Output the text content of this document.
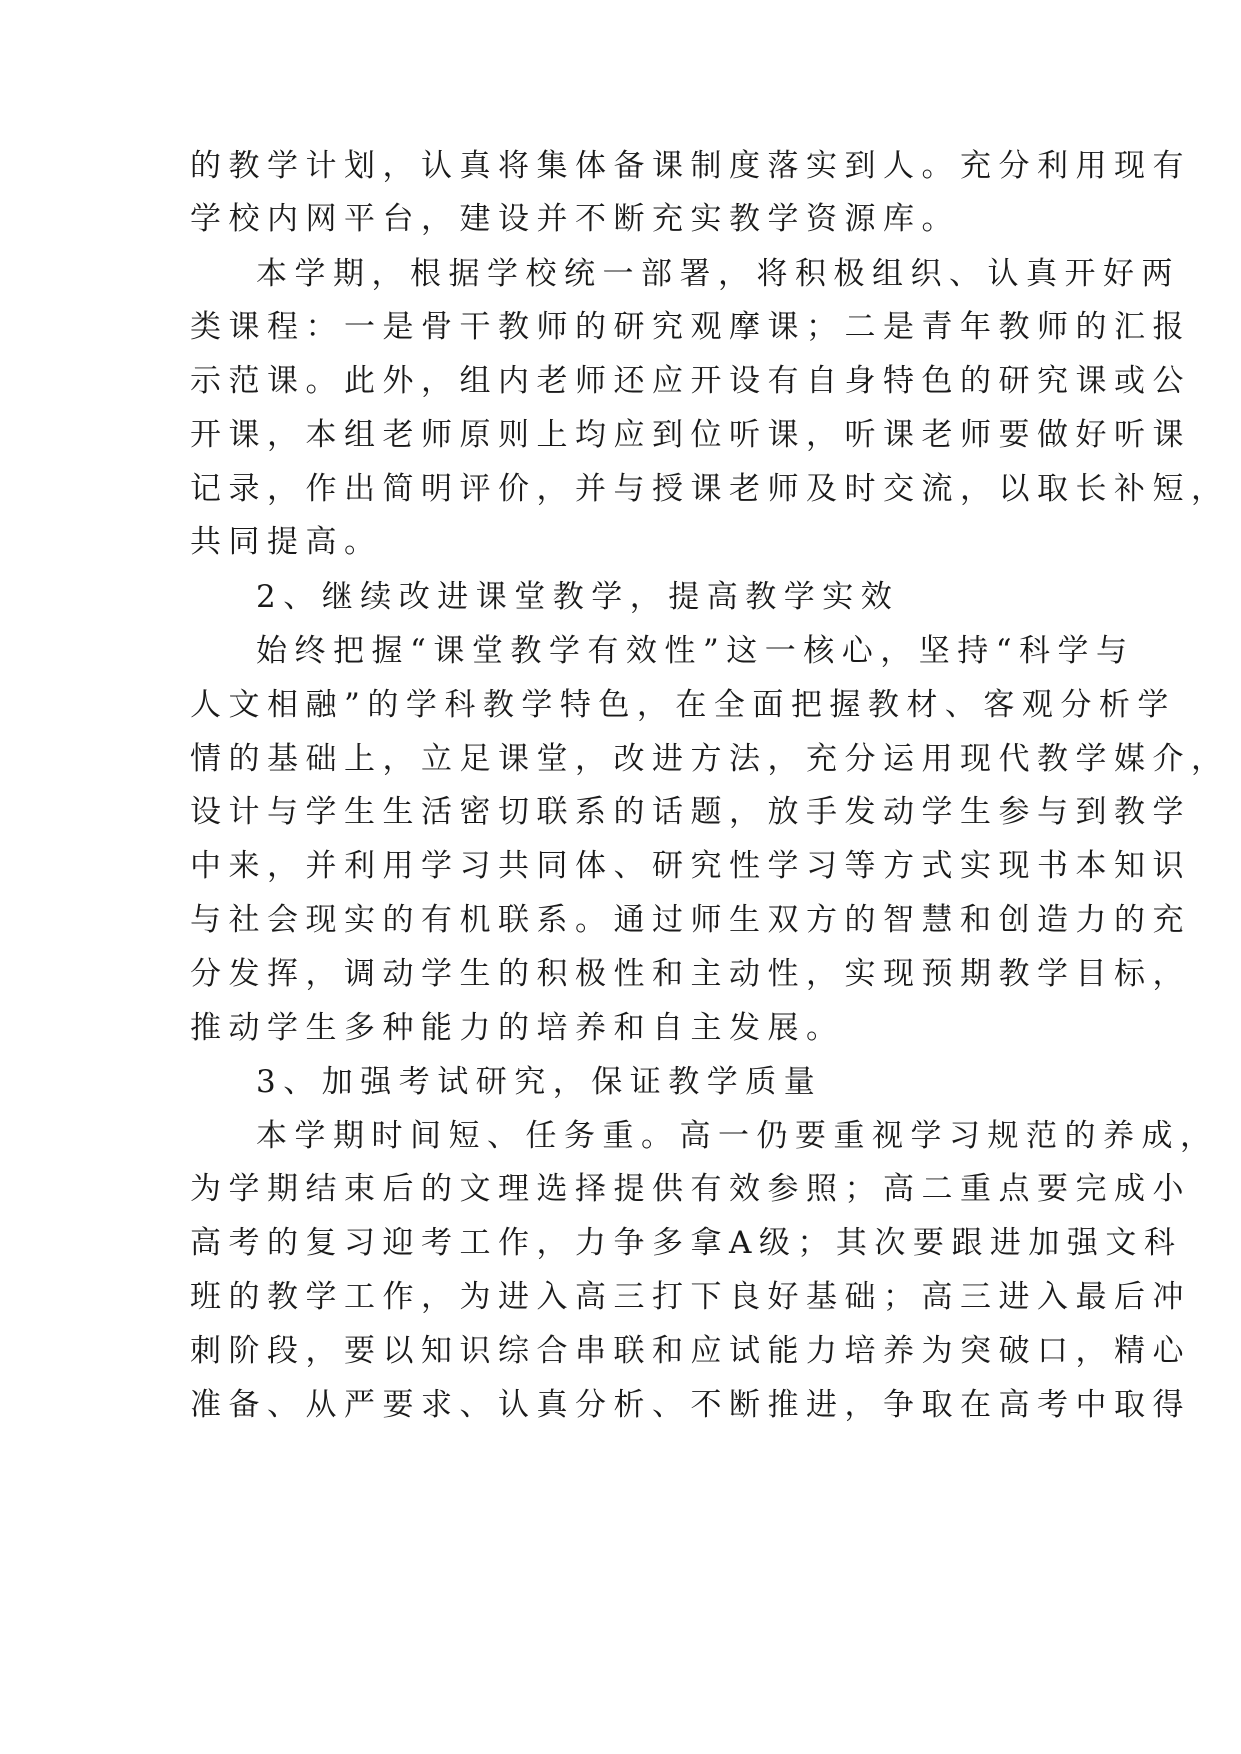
的教学计划，认真将集体备课制度落实到人。充分利用现有
学校内网平台，建设并不断充实教学资源库。
本学期，根据学校统一部署，将积极组织、认真开好两
类课程：一是骨干教师的研究观摩课；二是青年教师的汇报
示范课。此外，组内老师还应开设有自身特色的研究课或公
开课，本组老师原则上均应到位听课，听课老师要做好听课
记录，作出简明评价，并与授课老师及时交流，以取长补短，
共同提高。
2、继续改进课堂教学，提高教学实效
始终把握“课堂教学有效性”这一核心，坚持“科学与
人文相融”的学科教学特色，在全面把握教材、客观分析学
情的基础上，立足课堂，改进方法，充分运用现代教学媒介，
设计与学生生活密切联系的话题，放手发动学生参与到教学
中来，并利用学习共同体、研究性学习等方式实现书本知识
与社会现实的有机联系。通过师生双方的智慧和创造力的充
分发挥，调动学生的积极性和主动性，实现预期教学目标，
推动学生多种能力的培养和自主发展。
3、加强考试研究，保证教学质量
本学期时间短、任务重。高一仍要重视学习规范的养成，
为学期结束后的文理选择提供有效参照；高二重点要完成小
高考的复习迎考工作，力争多拿A级；其次要跟进加强文科
班的教学工作，为进入高三打下良好基础；高三进入最后冲
刺阶段，要以知识综合串联和应试能力培养为突破口，精心
准备、从严要求、认真分析、不断推进，争取在高考中取得
